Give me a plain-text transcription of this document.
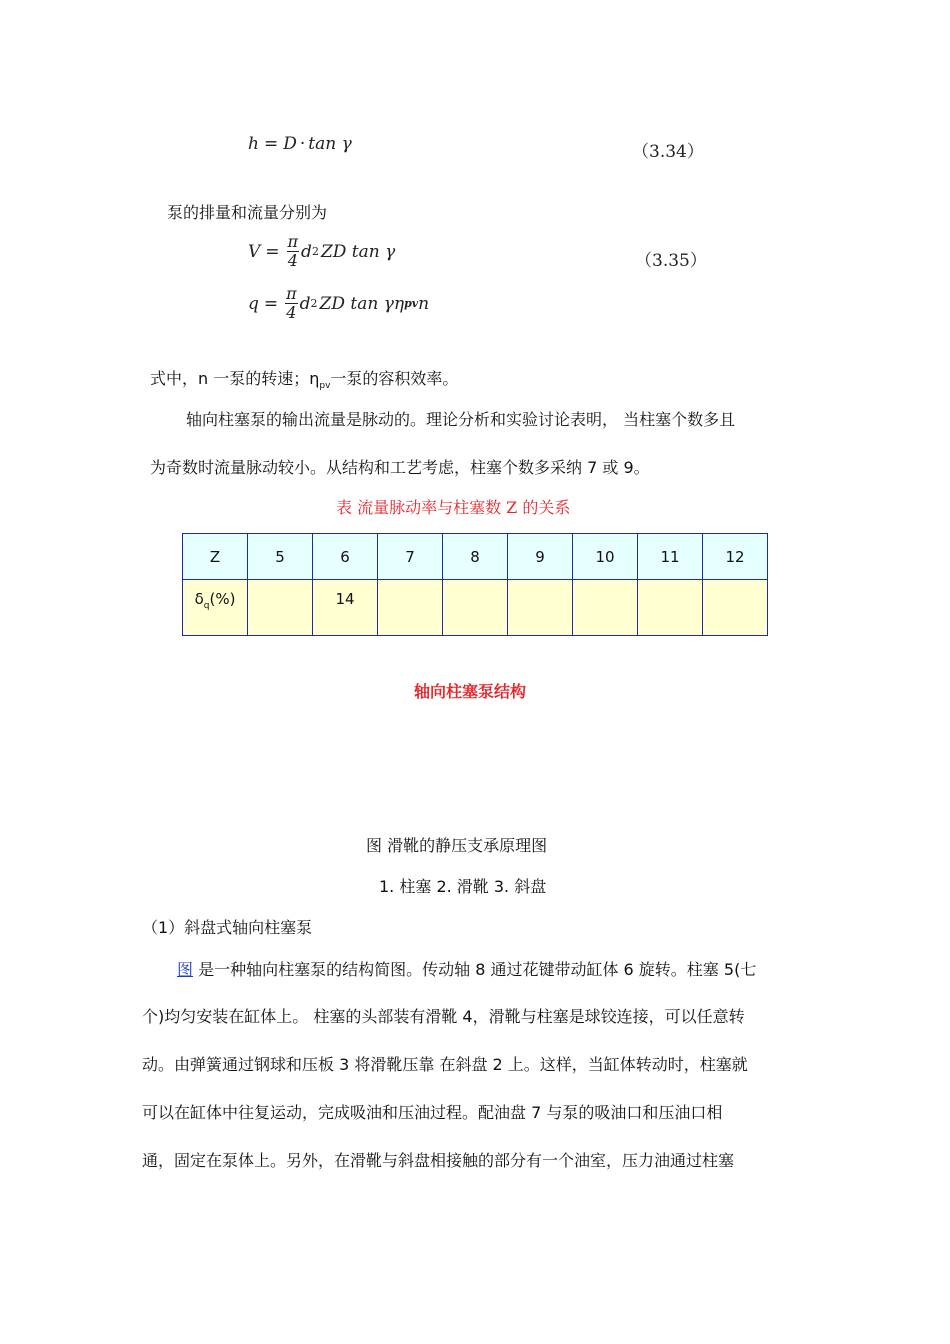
h = D · tan γ	（3.34）
泵的排量和流量分别为
$V = \frac{\pi}{4}$ d 2 ZD tan γ	（3.35）
$q = \frac{\pi}{4}$ d 2 ZD tan γη pv n
式中，n 一泵的转速；$\eta_{pv}$一泵的容积效率。
轴向柱塞泵的输出流量是脉动的。理论分析和实验讨论表明， 当柱塞个数多且
为奇数时流量脉动较小。从结构和工艺考虑，柱塞个数多采纳 7 或 9。
表 流量脉动率与柱塞数 Z 的关系
Z	5	6	7	8	9	10	11	12
$\delta_q(\%)$		14						
轴向柱塞泵结构
图 滑靴的静压支承原理图
1. 柱塞 2. 滑靴 3. 斜盘
（1）斜盘式轴向柱塞泵
图 是一种轴向柱塞泵的结构简图。传动轴 8 通过花键带动缸体 6 旋转。柱塞 5(七
个)均匀安装在缸体上。 柱塞的头部装有滑靴 4，滑靴与柱塞是球铰连接，可以任意转
动。由弹簧通过钢球和压板 3 将滑靴压靠 在斜盘 2 上。这样，当缸体转动时，柱塞就
可以在缸体中往复运动，完成吸油和压油过程。配油盘 7 与泵的吸油口和压油口相
通，固定在泵体上。另外，在滑靴与斜盘相接触的部分有一个油室，压力油通过柱塞
